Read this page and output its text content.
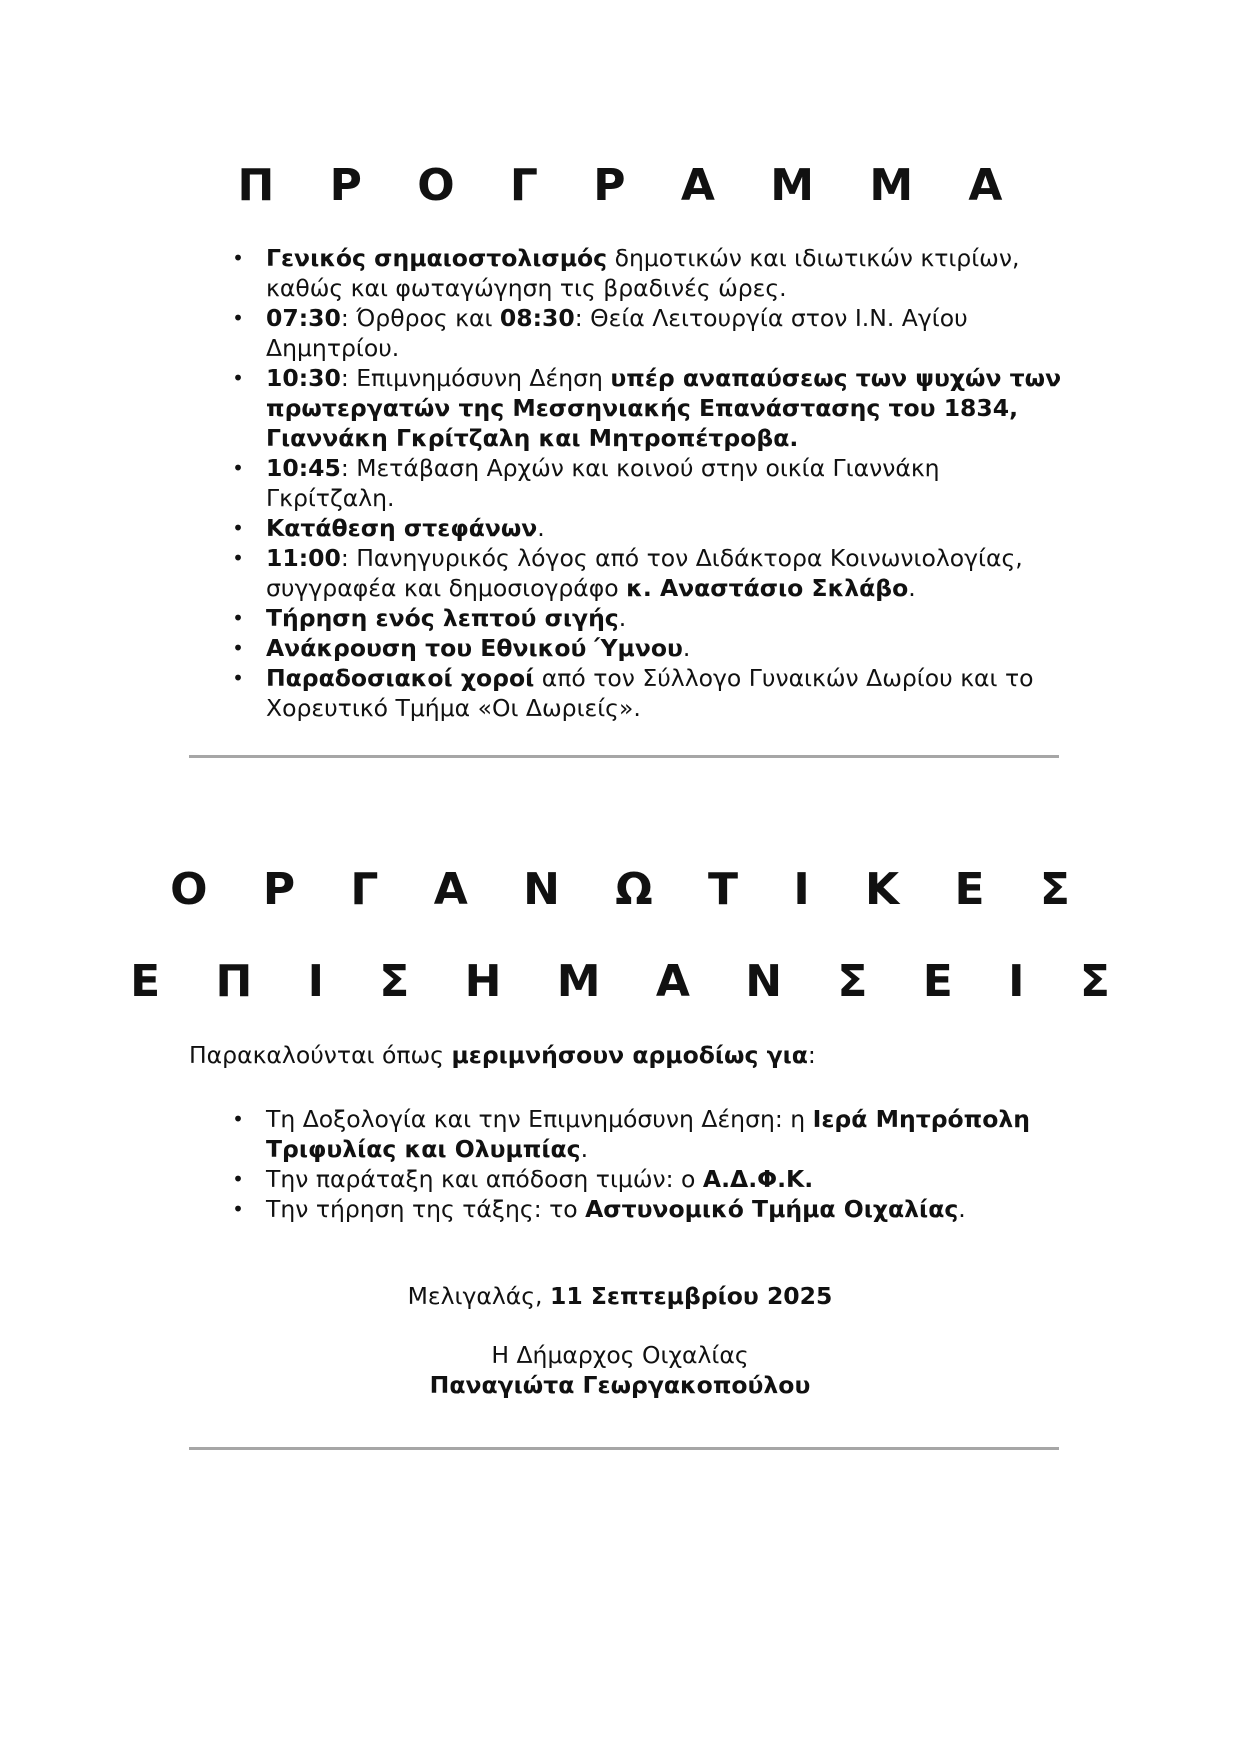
Π Ρ Ο Γ Ρ Α Μ Μ Α
• Γενικός σημαιοστολισμός δημοτικών και ιδιωτικών κτιρίων, καθώς και φωταγώγηση τις βραδινές ώρες.
• 07:30: Όρθρος και 08:30: Θεία Λειτουργία στον Ι.Ν. Αγίου Δημητρίου.
• 10:30: Επιμνημόσυνη Δέηση υπέρ αναπαύσεως των ψυχών των πρωτεργατών της Μεσσηνιακής Επανάστασης του 1834, Γιαννάκη Γκρίτζαλη και Μητροπέτροβα.
• 10:45: Μετάβαση Αρχών και κοινού στην οικία Γιαννάκη Γκρίτζαλη.
• Κατάθεση στεφάνων.
• 11:00: Πανηγυρικός λόγος από τον Διδάκτορα Κοινωνιολογίας, συγγραφέα και δημοσιογράφο κ. Αναστάσιο Σκλάβο.
• Τήρηση ενός λεπτού σιγής.
• Ανάκρουση του Εθνικού Ύμνου.
• Παραδοσιακοί χοροί από τον Σύλλογο Γυναικών Δωρίου και το Χορευτικό Τμήμα «Οι Δωριείς».
Ο Ρ Γ Α Ν Ω Τ Ι Κ Ε Σ
Ε Π Ι Σ Η Μ Α Ν Σ Ε Ι Σ

Παρακαλούνται όπως μεριμνήσουν αρμοδίως για:

• Τη Δοξολογία και την Επιμνημόσυνη Δέηση: η Ιερά Μητρόπολη Τριφυλίας και Ολυμπίας.
• Την παράταξη και απόδοση τιμών: ο Α.Δ.Φ.Κ.
• Την τήρηση της τάξης: το Αστυνομικό Τμήμα Οιχαλίας.

Μελιγαλάς, 11 Σεπτεμβρίου 2025

Η Δήμαρχος Οιχαλίας

Παναγιώτα Γεωργακοπούλου
